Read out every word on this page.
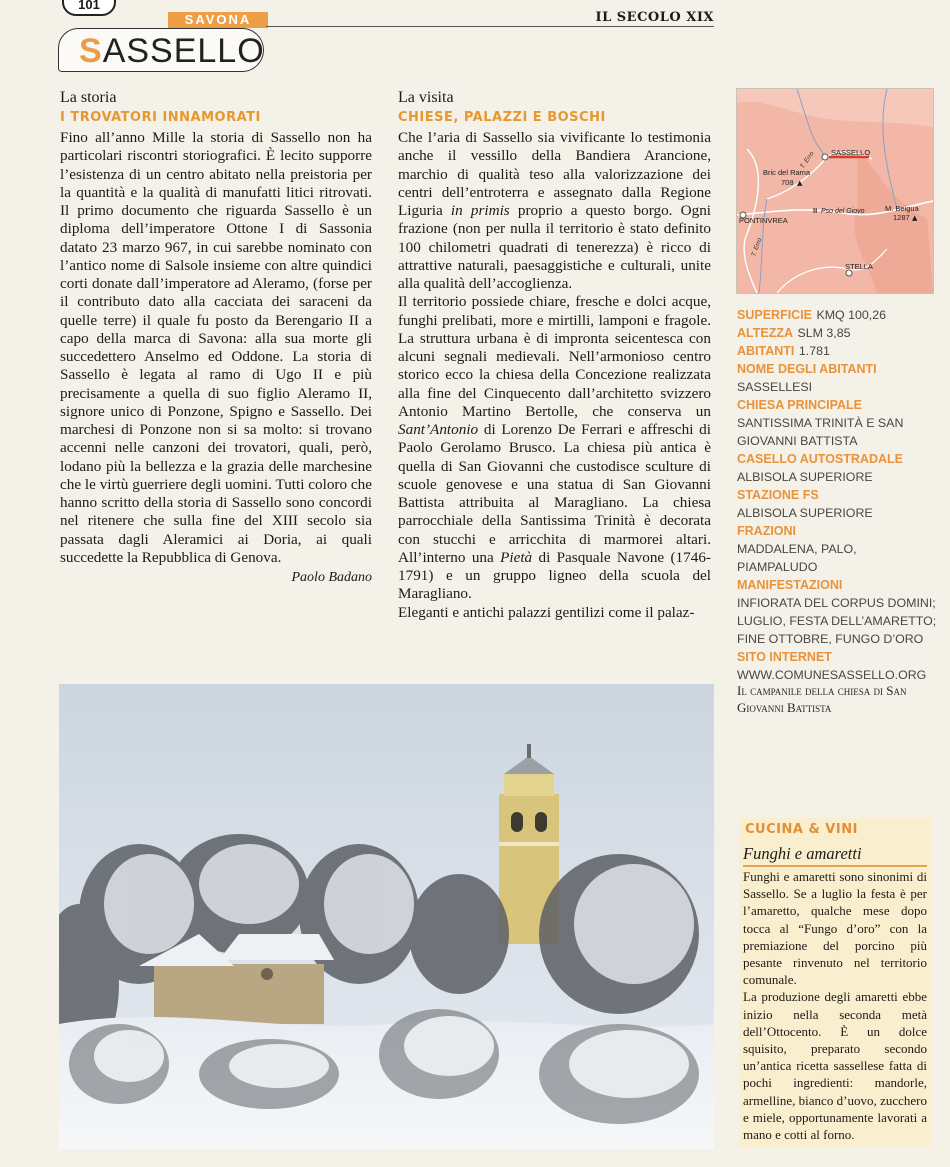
101
SAVONA	IL SECOLO XIX
SASSELLO
La storia
I TROVATORI INNAMORATI

Fino all’anno Mille la storia di Sassello non ha particolari riscontri storiografici. È lecito supporre l’esistenza di un centro abitato nella preistoria per la quantità e la qualità di manufatti litici ritrovati. Il primo documento che riguarda Sassello è un diploma dell’imperatore Ottone I di Sassonia datato 23 marzo 967, in cui sarebbe nominato con l’antico nome di Salsole insieme con altre quindici corti donate dall’imperatore ad Aleramo, (forse per il contributo dato alla cacciata dei saraceni da quelle terre) il quale fu posto da Berengario II a capo della marca di Savona: alla sua morte gli succedettero Anselmo ed Oddone. La storia di Sassello è legata al ramo di Ugo II e più precisamente a quella di suo figlio Aleramo II, signore unico di Ponzone, Spigno e Sassello. Dei marchesi di Ponzone non si sa molto: si trovano accenni nelle canzoni dei trovatori, quali, però, lodano più la bellezza e la grazia delle marchesine che le virtù guerriere degli uomini. Tutti coloro che hanno scritto della storia di Sassello sono concordi nel ritenere che sulla fine del XIII secolo sia passata dagli Aleramici ai Doria, ai quali succedette la Repubblica di Genova.

Paolo Badano
La visita
CHIESE, PALAZZI E BOSCHI

Che l’aria di Sassello sia vivificante lo testimonia anche il vessillo della Bandiera Arancione, marchio di qualità teso alla valorizzazione dei centri dell’entroterra e assegnato dalla Regione Liguria in primis proprio a questo borgo. Ogni frazione (non per nulla il territorio è stato definito 100 chilometri quadrati di tenerezza) è ricco di attrattive naturali, paesaggistiche e culturali, unite alla qualità dell’accoglienza.

Il territorio possiede chiare, fresche e dolci acque, funghi prelibati, more e mirtilli, lamponi e fragole. La struttura urbana è di impronta seicentesca con alcuni segnali medievali. Nell’armonioso centro storico ecco la chiesa della Concezione realizzata alla fine del Cinquecento dall’architetto svizzero Antonio Martino Bertolle, che conserva un Sant’Antonio di Lorenzo De Ferrari e affreschi di Paolo Gerolamo Brusco. La chiesa più antica è quella di San Giovanni che custodisce sculture di scuole genovese e una statua di San Giovanni Battista attribuita al Maragliano. La chiesa parrocchiale della Santissima Trinità è decorata con stucchi e arricchita di marmorei altari. All’interno una Pietà di Pasquale Navone (1746-1791) e un gruppo ligneo della scuola del Maragliano.

Eleganti e antichi palazzi gentilizi come il palaz-

SASSELLO
Bric del Rama
708 ▲
PONTINVREA
II Pso del Giovo	M. Beigua
1287 ▲
STELLA
T. Erro
T. Erro
SUPERFICIE KMQ 100,26
ALTEZZA SLM 3,85
ABITANTI 1.781
NOME DEGLI ABITANTI
SASSELLESI
CHIESA PRINCIPALE
SANTISSIMA TRINITÀ E SAN GIOVANNI BATTISTA
CASELLO AUTOSTRADALE
ALBISOLA SUPERIORE
STAZIONE FS
ALBISOLA SUPERIORE
FRAZIONI
MADDALENA, PALO, PIAMPALUDO
MANIFESTAZIONI
INFIORATA DEL CORPUS DOMINI; LUGLIO, FESTA DELL’AMARETTO; FINE OTTOBRE, FUNGO D’ORO
SITO INTERNET
WWW.COMUNESASSELLO.ORG
Il campanile della chiesa di San Giovanni Battista
CUCINA & VINI
Funghi e amaretti

Funghi e amaretti sono sinonimi di Sassello. Se a luglio la festa è per l’amaretto, qualche mese dopo tocca al “Fungo d’oro” con la premiazione del porcino più pesante rinvenuto nel territorio comunale.

La produzione degli amaretti ebbe inizio nella seconda metà dell’Ottocento. È un dolce squisito, preparato secondo un’antica ricetta sassellese fatta di pochi ingredienti: mandorle, armelline, bianco d’uovo, zucchero e miele, opportunamente lavorati a mano e cotti al forno.
